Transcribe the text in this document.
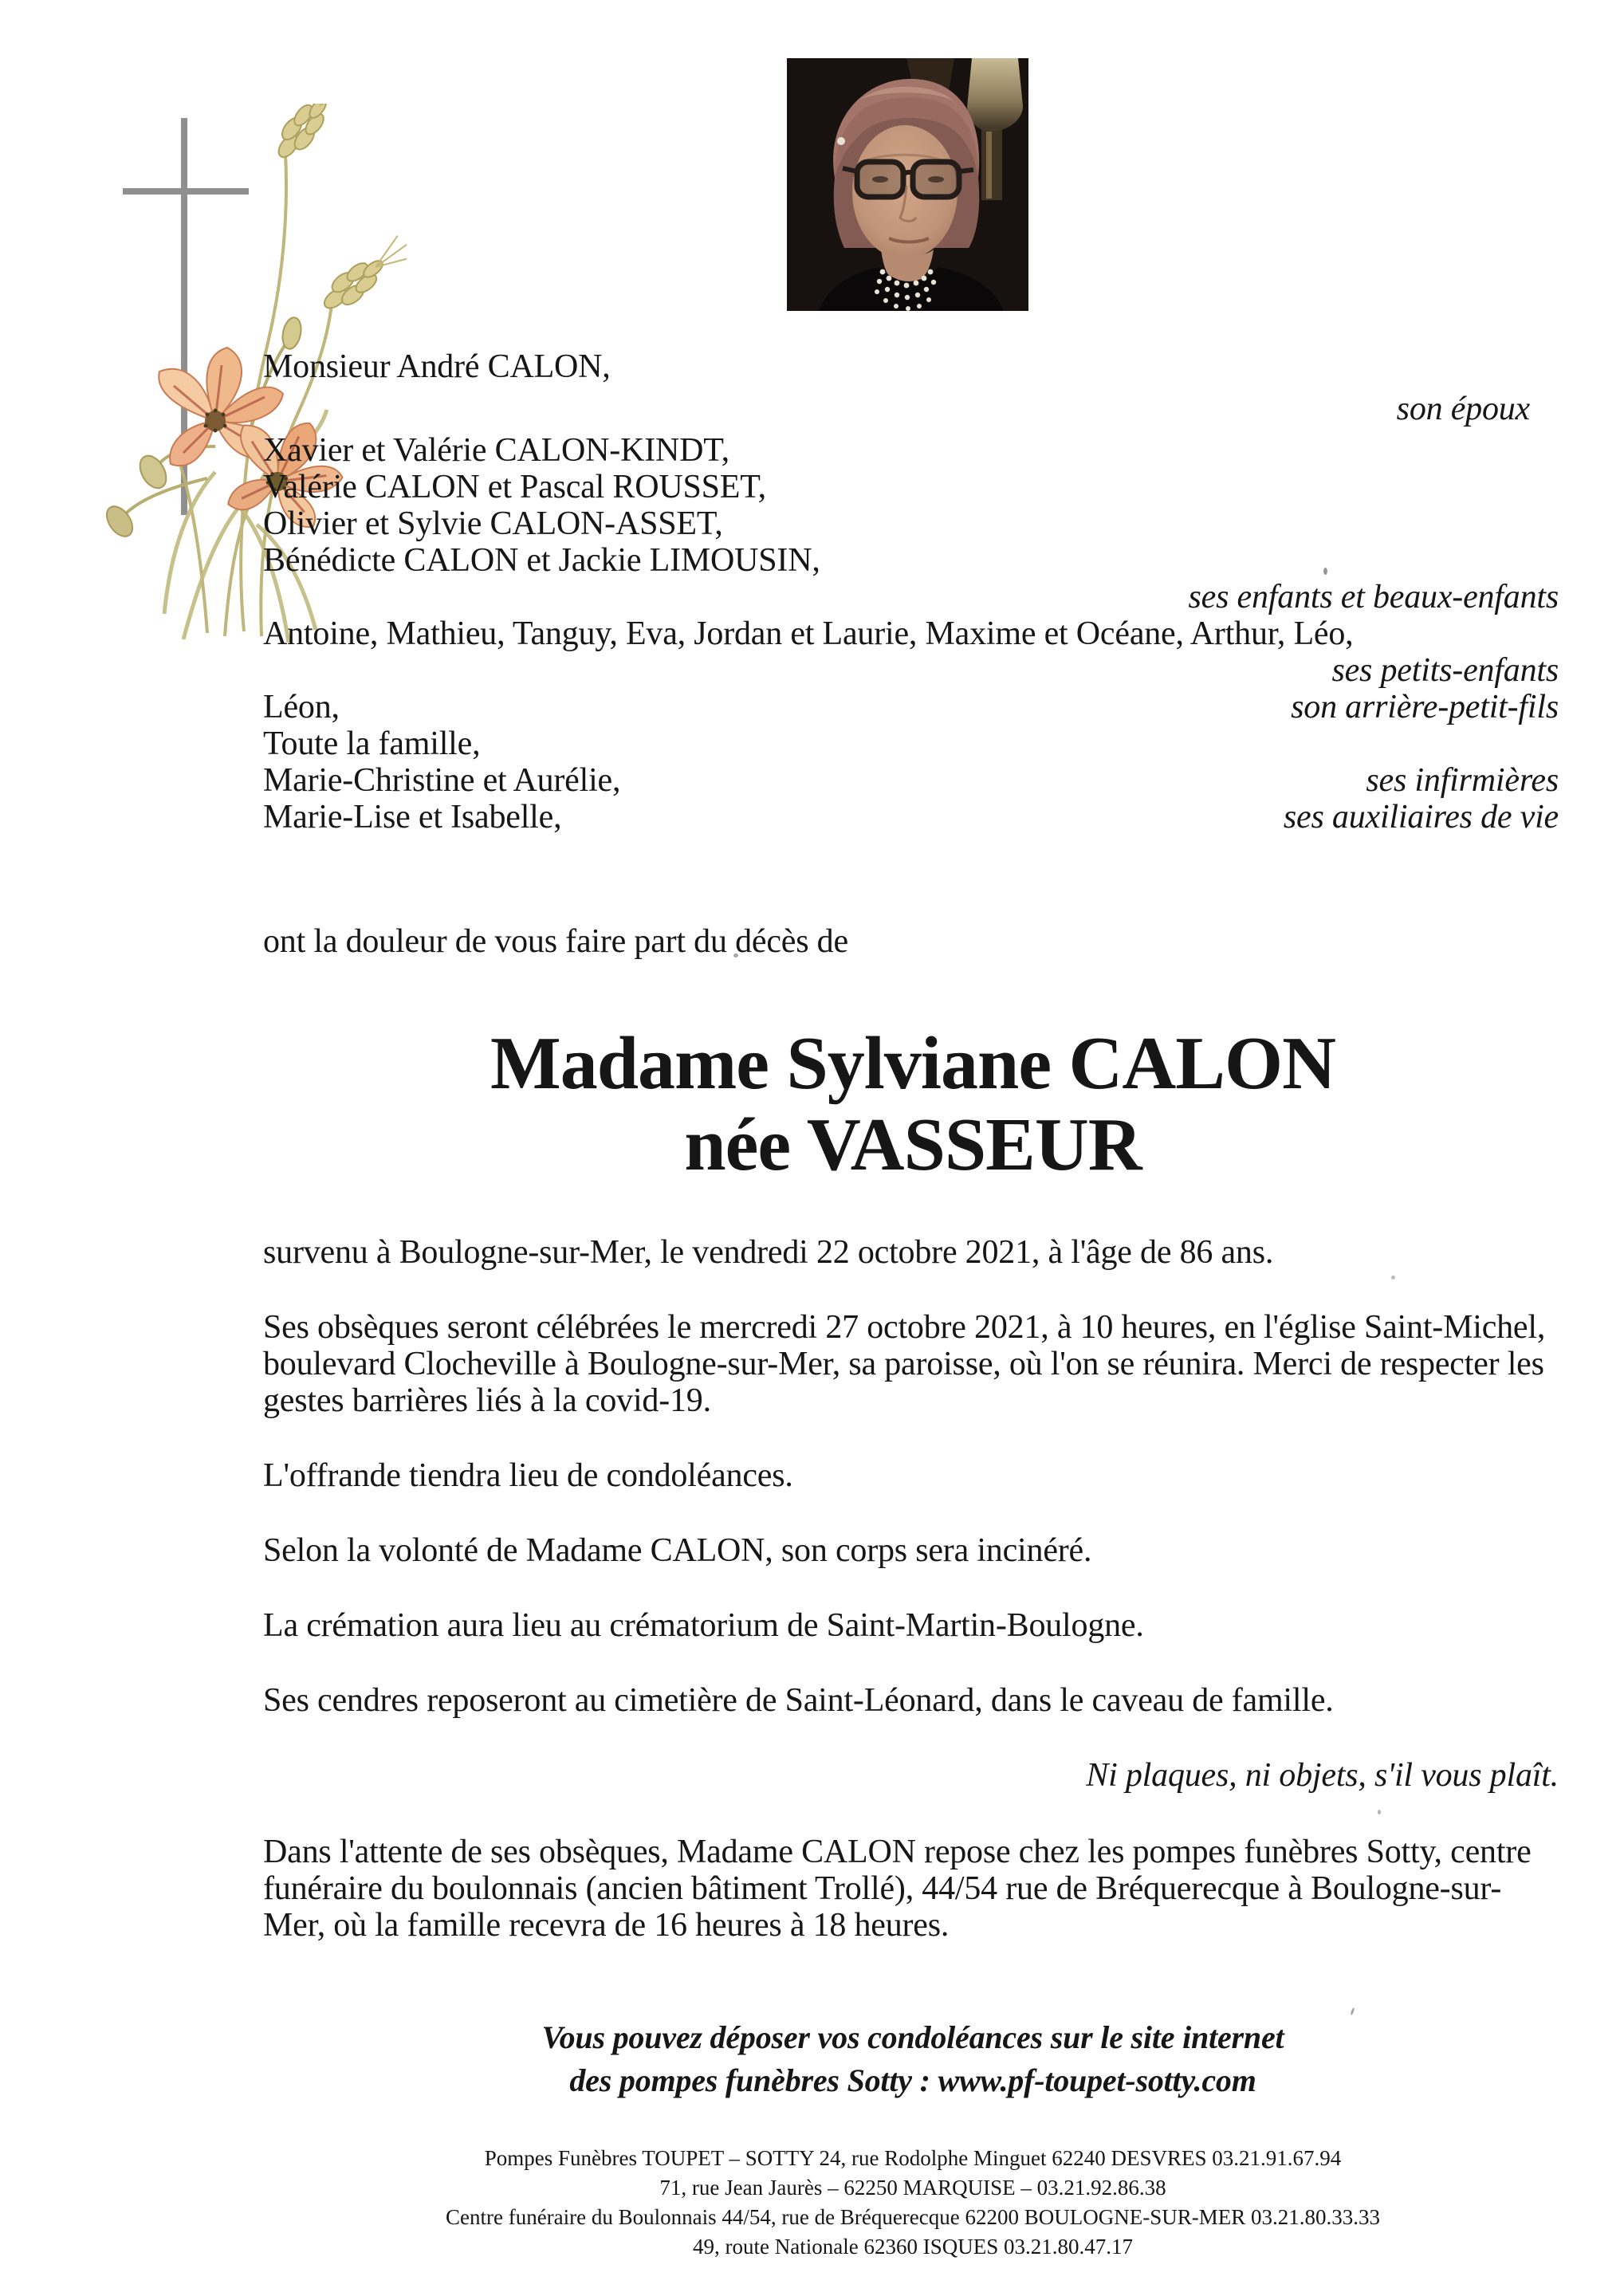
Monsieur André CALON,
son époux
Xavier et Valérie CALON-KINDT,
Valérie CALON et Pascal ROUSSET,
Olivier et Sylvie CALON-ASSET,
Bénédicte CALON et Jackie LIMOUSIN,
ses enfants et beaux-enfants
Antoine, Mathieu, Tanguy, Eva, Jordan et Laurie, Maxime et Océane, Arthur, Léo,
ses petits-enfants
Léon,	son arrière-petit-fils
Toute la famille,
Marie-Christine et Aurélie,	ses infirmières
Marie-Lise et Isabelle,	ses auxiliaires de vie
ont la douleur de vous faire part du décès de
Madame Sylviane CALON
née VASSEUR
survenu à Boulogne-sur-Mer, le vendredi 22 octobre 2021, à l'âge de 86 ans.
Ses obsèques seront célébrées le mercredi 27 octobre 2021, à 10 heures, en l'église Saint-Michel,
boulevard Clocheville à Boulogne-sur-Mer, sa paroisse, où l'on se réunira. Merci de respecter les
gestes barrières liés à la covid-19.
L'offrande tiendra lieu de condoléances.
Selon la volonté de Madame CALON, son corps sera incinéré.
La crémation aura lieu au crématorium de Saint-Martin-Boulogne.
Ses cendres reposeront au cimetière de Saint-Léonard, dans le caveau de famille.
Ni plaques, ni objets, s'il vous plaît.
Dans l'attente de ses obsèques, Madame CALON repose chez les pompes funèbres Sotty, centre
funéraire du boulonnais (ancien bâtiment Trollé), 44/54 rue de Bréquerecque à Boulogne-sur-
Mer, où la famille recevra de 16 heures à 18 heures.
Vous pouvez déposer vos condoléances sur le site internet
des pompes funèbres Sotty : www.pf-toupet-sotty.com
Pompes Funèbres TOUPET – SOTTY 24, rue Rodolphe Minguet 62240 DESVRES 03.21.91.67.94
71, rue Jean Jaurès – 62250 MARQUISE – 03.21.92.86.38
Centre funéraire du Boulonnais 44/54, rue de Bréquerecque 62200 BOULOGNE-SUR-MER 03.21.80.33.33
49, route Nationale 62360 ISQUES 03.21.80.47.17
